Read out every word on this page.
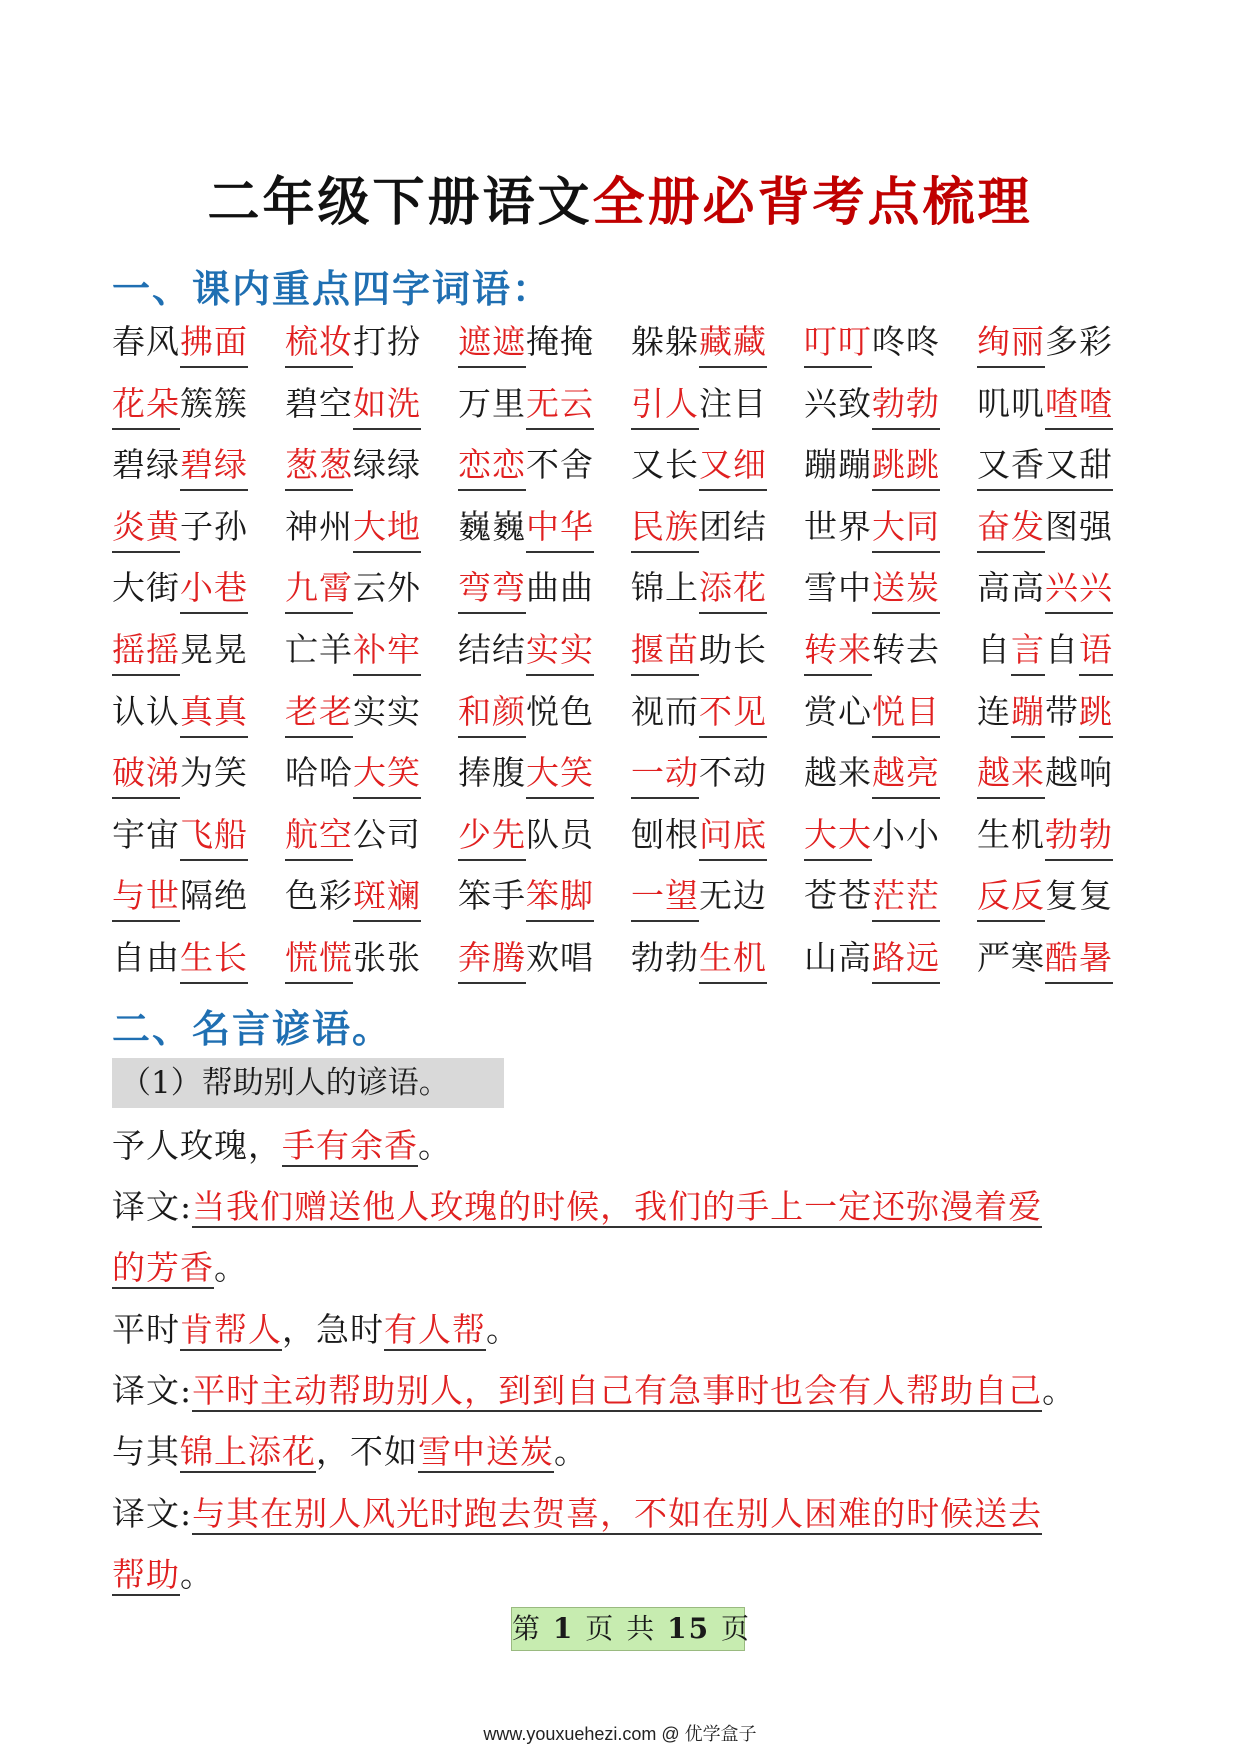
二年级下册语文全册必背考点梳理
一、课内重点四字词语：
春风拂面	梳妆打扮	遮遮掩掩	躲躲藏藏	叮叮咚咚	绚丽多彩
花朵簇簇	碧空如洗	万里无云	引人注目	兴致勃勃	叽叽喳喳
碧绿碧绿	葱葱绿绿	恋恋不舍	又长又细	蹦蹦跳跳	又香又甜
炎黄子孙	神州大地	巍巍中华	民族团结	世界大同	奋发图强
大街小巷	九霄云外	弯弯曲曲	锦上添花	雪中送炭	高高兴兴
摇摇晃晃	亡羊补牢	结结实实	揠苗助长	转来转去	自言自语
认认真真	老老实实	和颜悦色	视而不见	赏心悦目	连蹦带跳
破涕为笑	哈哈大笑	捧腹大笑	一动不动	越来越亮	越来越响
宇宙飞船	航空公司	少先队员	刨根问底	大大小小	生机勃勃
与世隔绝	色彩斑斓	笨手笨脚	一望无边	苍苍茫茫	反反复复
自由生长	慌慌张张	奔腾欢唱	勃勃生机	山高路远	严寒酷暑
二、名言谚语。
（1）帮助别人的谚语。
予人玫瑰，手有余香。
译文:当我们赠送他人玫瑰的时候，我们的手上一定还弥漫着爱
的芳香。
平时肯帮人，急时有人帮。
译文:平时主动帮助别人，到到自己有急事时也会有人帮助自己。
与其锦上添花，不如雪中送炭。
译文:与其在别人风光时跑去贺喜，不如在别人困难的时候送去
帮助。
第 1 页 共 15 页
www.youxuehezi.com @ 优学盒子
